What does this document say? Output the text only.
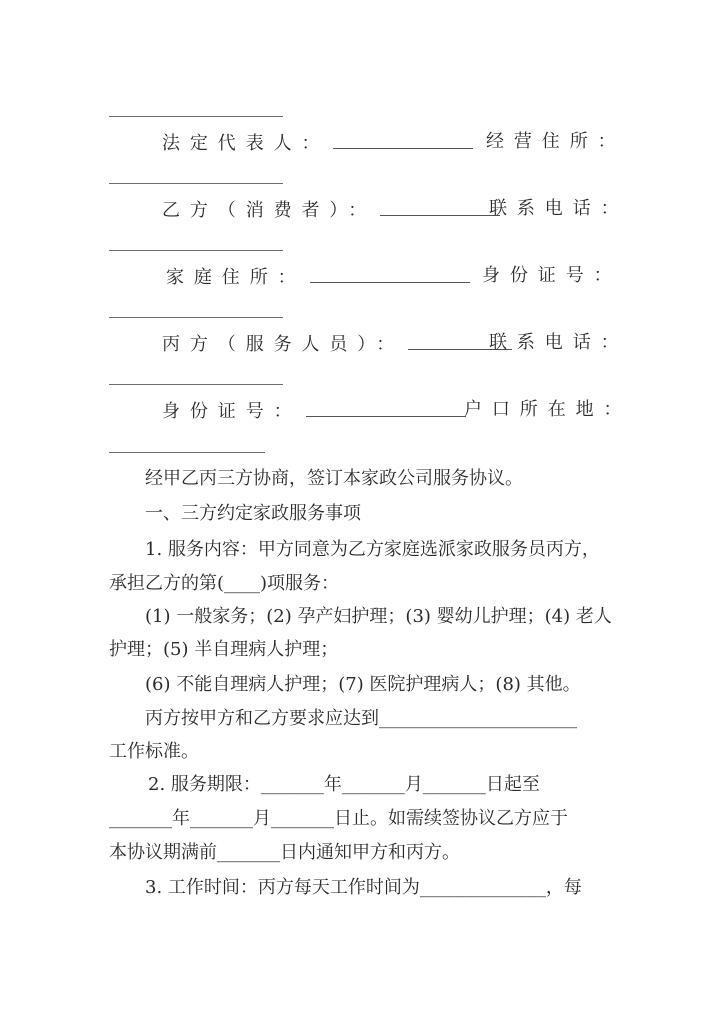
法定代表人：	经营住所：
乙方（消费者）：	联系电话：
家庭住所：	身份证号：
丙方（服务人员）：	联系电话：
身份证号：	户口所在地：
经甲乙丙三方协商，签订本家政公司服务协议。
一、三方约定家政服务事项
1. 服务内容：甲方同意为乙方家庭选派家政服务员丙方，
承担乙方的第(____)项服务：
(1) 一般家务；(2) 孕产妇护理；(3) 婴幼儿护理；(4) 老人
护理；(5) 半自理病人护理；
(6) 不能自理病人护理；(7) 医院护理病人；(8) 其他。
丙方按甲方和乙方要求应达到______________________
工作标准。
2. 服务期限：_______年_______月_______日起至
_______年_______月_______日止。如需续签协议乙方应于
本协议期满前_______日内通知甲方和丙方。
3. 工作时间：丙方每天工作时间为______________，每
